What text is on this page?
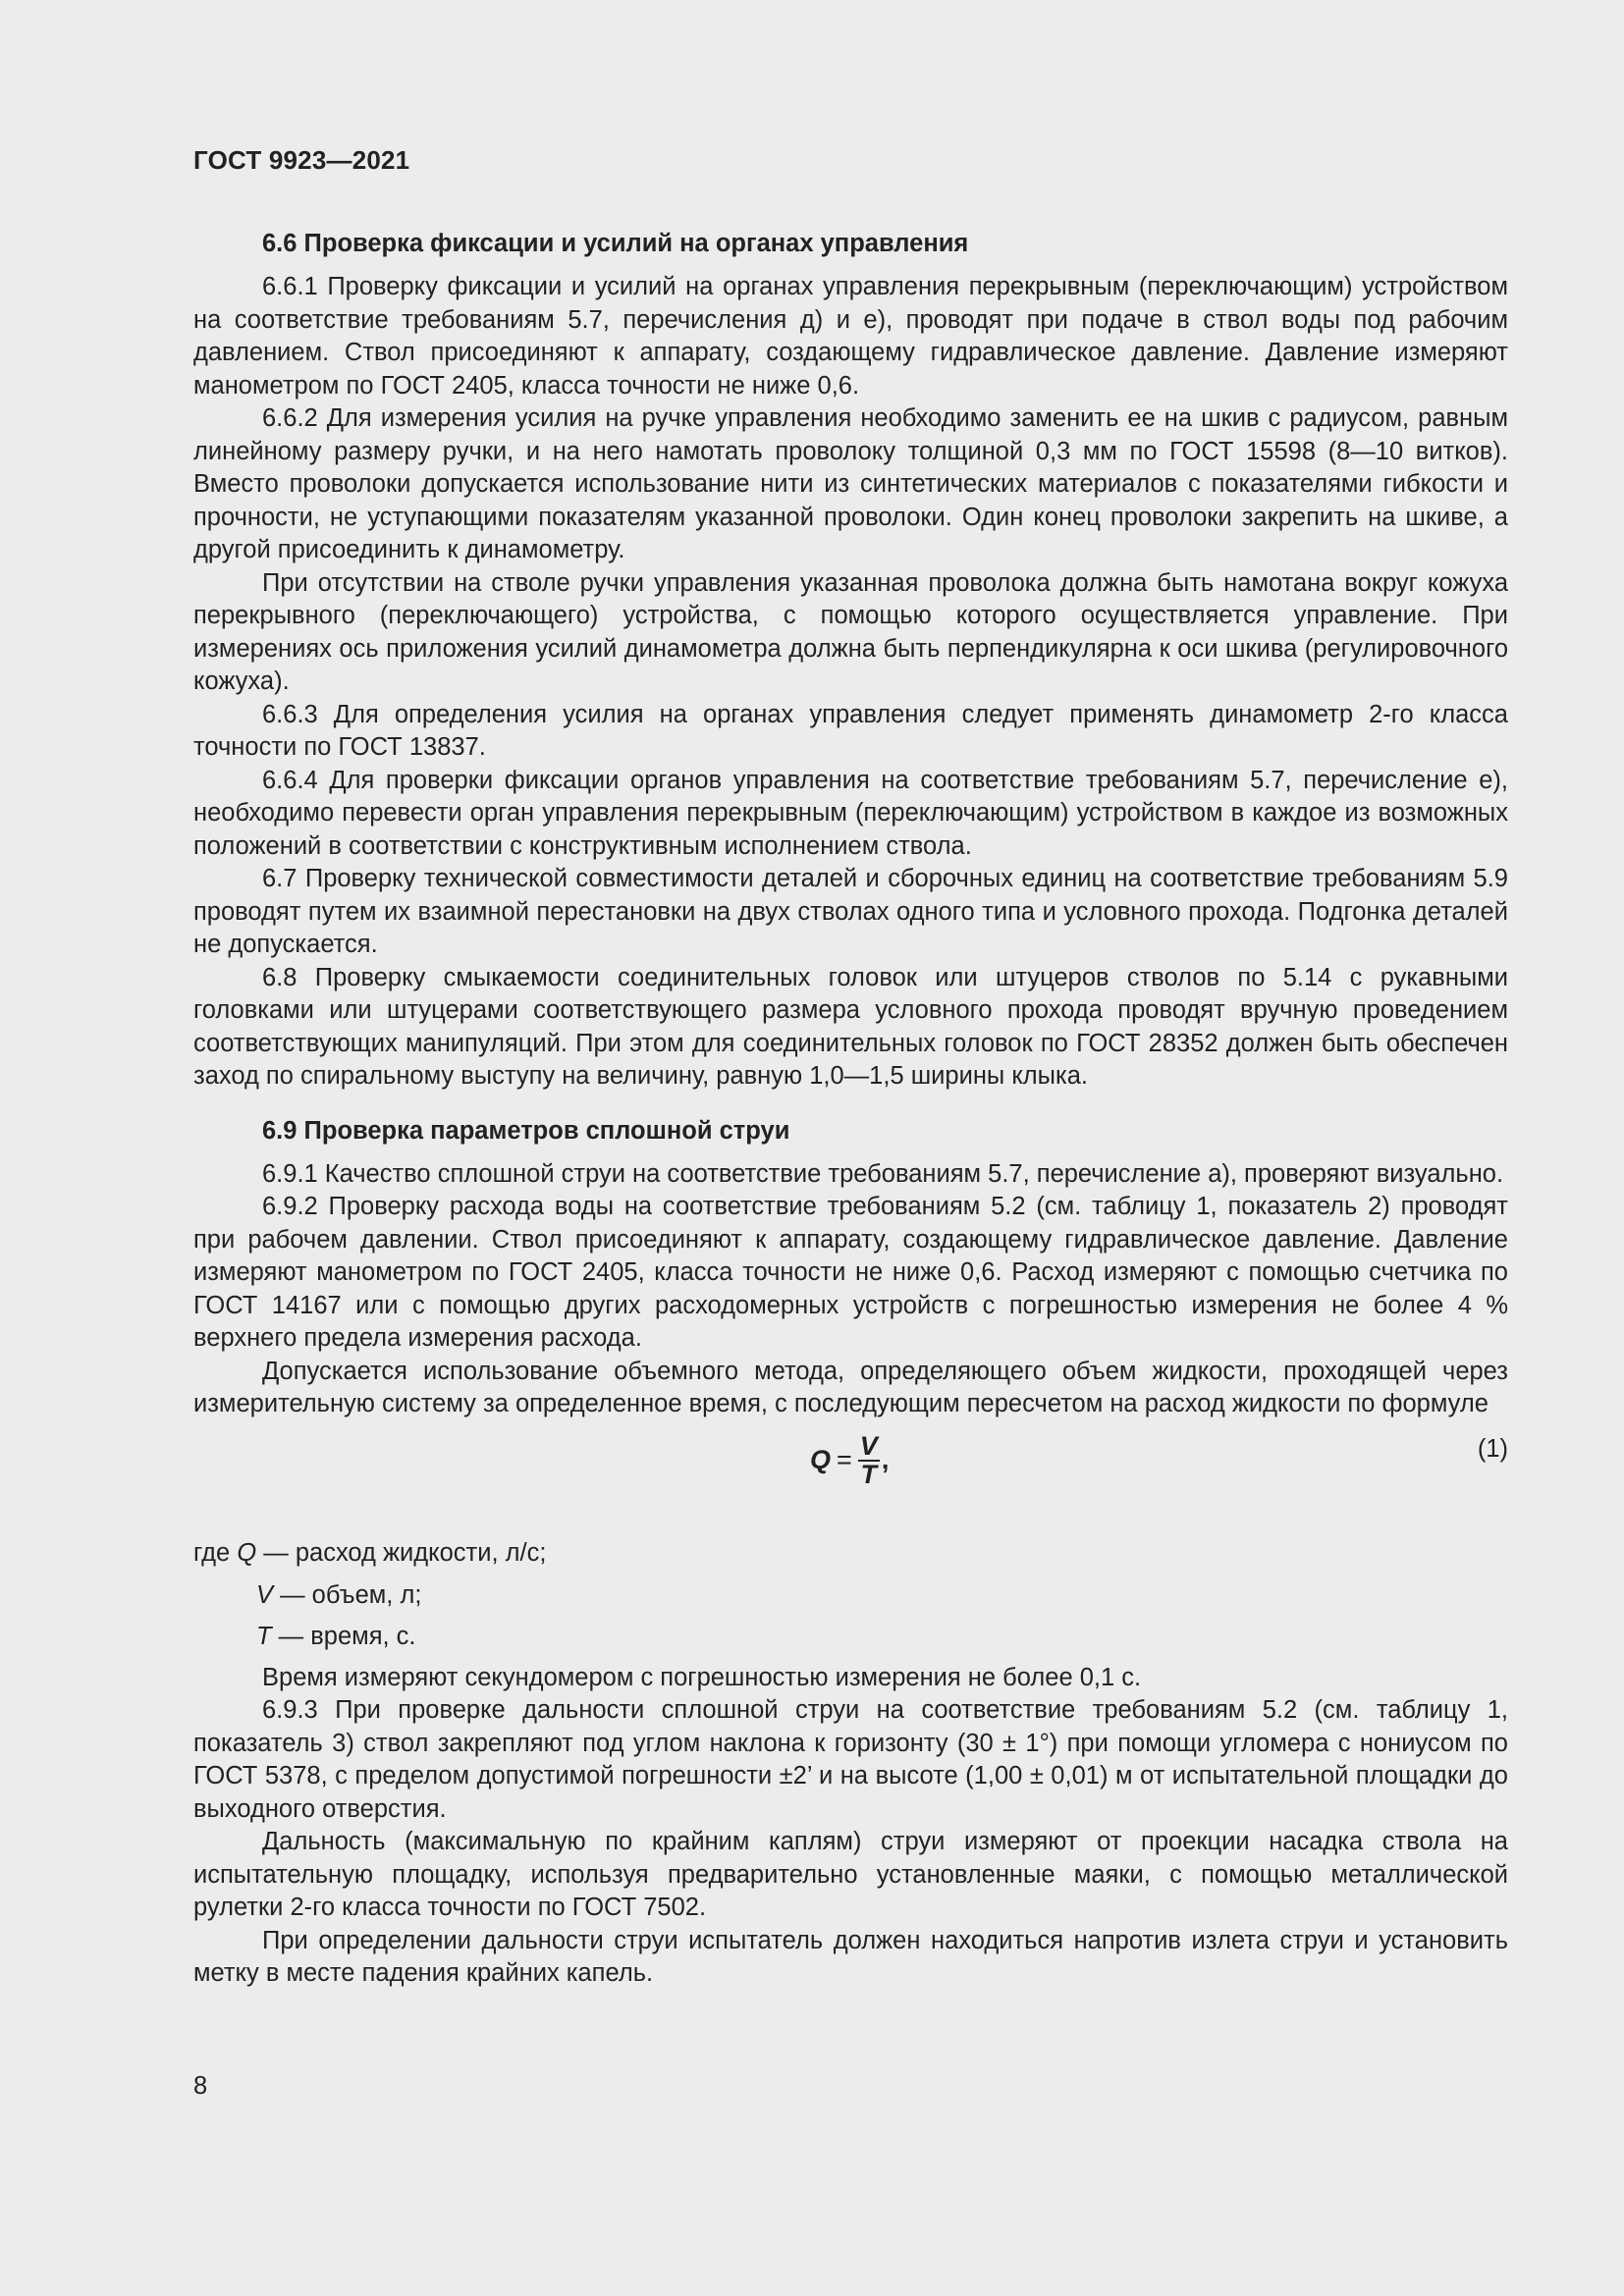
ГОСТ 9923—2021
6.6 Проверка фиксации и усилий на органах управления

6.6.1 Проверку фиксации и усилий на органах управления перекрывным (переключающим) устройством на соответствие требованиям 5.7, перечисления д) и е), проводят при подаче в ствол воды под рабочим давлением. Ствол присоединяют к аппарату, создающему гидравлическое давление. Давление измеряют манометром по ГОСТ 2405, класса точности не ниже 0,6.

6.6.2 Для измерения усилия на ручке управления необходимо заменить ее на шкив с радиусом, равным линейному размеру ручки, и на него намотать проволоку толщиной 0,3 мм по ГОСТ 15598 (8—10 витков). Вместо проволоки допускается использование нити из синтетических материалов с показателями гибкости и прочности, не уступающими показателям указанной проволоки. Один конец проволоки закрепить на шкиве, а другой присоединить к динамометру.

При отсутствии на стволе ручки управления указанная проволока должна быть намотана вокруг кожуха перекрывного (переключающего) устройства, с помощью которого осуществляется управление. При измерениях ось приложения усилий динамометра должна быть перпендикулярна к оси шкива (регулировочного кожуха).

6.6.3 Для определения усилия на органах управления следует применять динамометр 2-го класса точности по ГОСТ 13837.

6.6.4 Для проверки фиксации органов управления на соответствие требованиям 5.7, перечисление е), необходимо перевести орган управления перекрывным (переключающим) устройством в каждое из возможных положений в соответствии с конструктивным исполнением ствола.

6.7 Проверку технической совместимости деталей и сборочных единиц на соответствие требованиям 5.9 проводят путем их взаимной перестановки на двух стволах одного типа и условного прохода. Подгонка деталей не допускается.

6.8 Проверку смыкаемости соединительных головок или штуцеров стволов по 5.14 с рукавными головками или штуцерами соответствующего размера условного прохода проводят вручную проведением соответствующих манипуляций. При этом для соединительных головок по ГОСТ 28352 должен быть обеспечен заход по спиральному выступу на величину, равную 1,0—1,5 ширины клыка.

6.9 Проверка параметров сплошной струи

6.9.1 Качество сплошной струи на соответствие требованиям 5.7, перечисление а), проверяют визуально.

6.9.2 Проверку расхода воды на соответствие требованиям 5.2 (см. таблицу 1, показатель 2) проводят при рабочем давлении. Ствол присоединяют к аппарату, создающему гидравлическое давление. Давление измеряют манометром по ГОСТ 2405, класса точности не ниже 0,6. Расход измеряют с помощью счетчика по ГОСТ 14167 или с помощью других расходомерных устройств с погрешностью измерения не более 4 % верхнего предела измерения расхода.

Допускается использование объемного метода, определяющего объем жидкости, проходящей через измерительную систему за определенное время, с последующим пересчетом на расход жидкости по формуле

$Q = \frac{V}{T}$ ,	(1)
где Q — расход жидкости, л/с;
V — объем, л;
T — время, с.

Время измеряют секундомером с погрешностью измерения не более 0,1 с.

6.9.3 При проверке дальности сплошной струи на соответствие требованиям 5.2 (см. таблицу 1, показатель 3) ствол закрепляют под углом наклона к горизонту (30 ± 1°) при помощи угломера с нониусом по ГОСТ 5378, с пределом допустимой погрешности ±2’ и на высоте (1,00 ± 0,01) м от испытательной площадки до выходного отверстия.

Дальность (максимальную по крайним каплям) струи измеряют от проекции насадка ствола на испытательную площадку, используя предварительно установленные маяки, с помощью металлической рулетки 2-го класса точности по ГОСТ 7502.

При определении дальности струи испытатель должен находиться напротив излета струи и установить метку в месте падения крайних капель.

8
